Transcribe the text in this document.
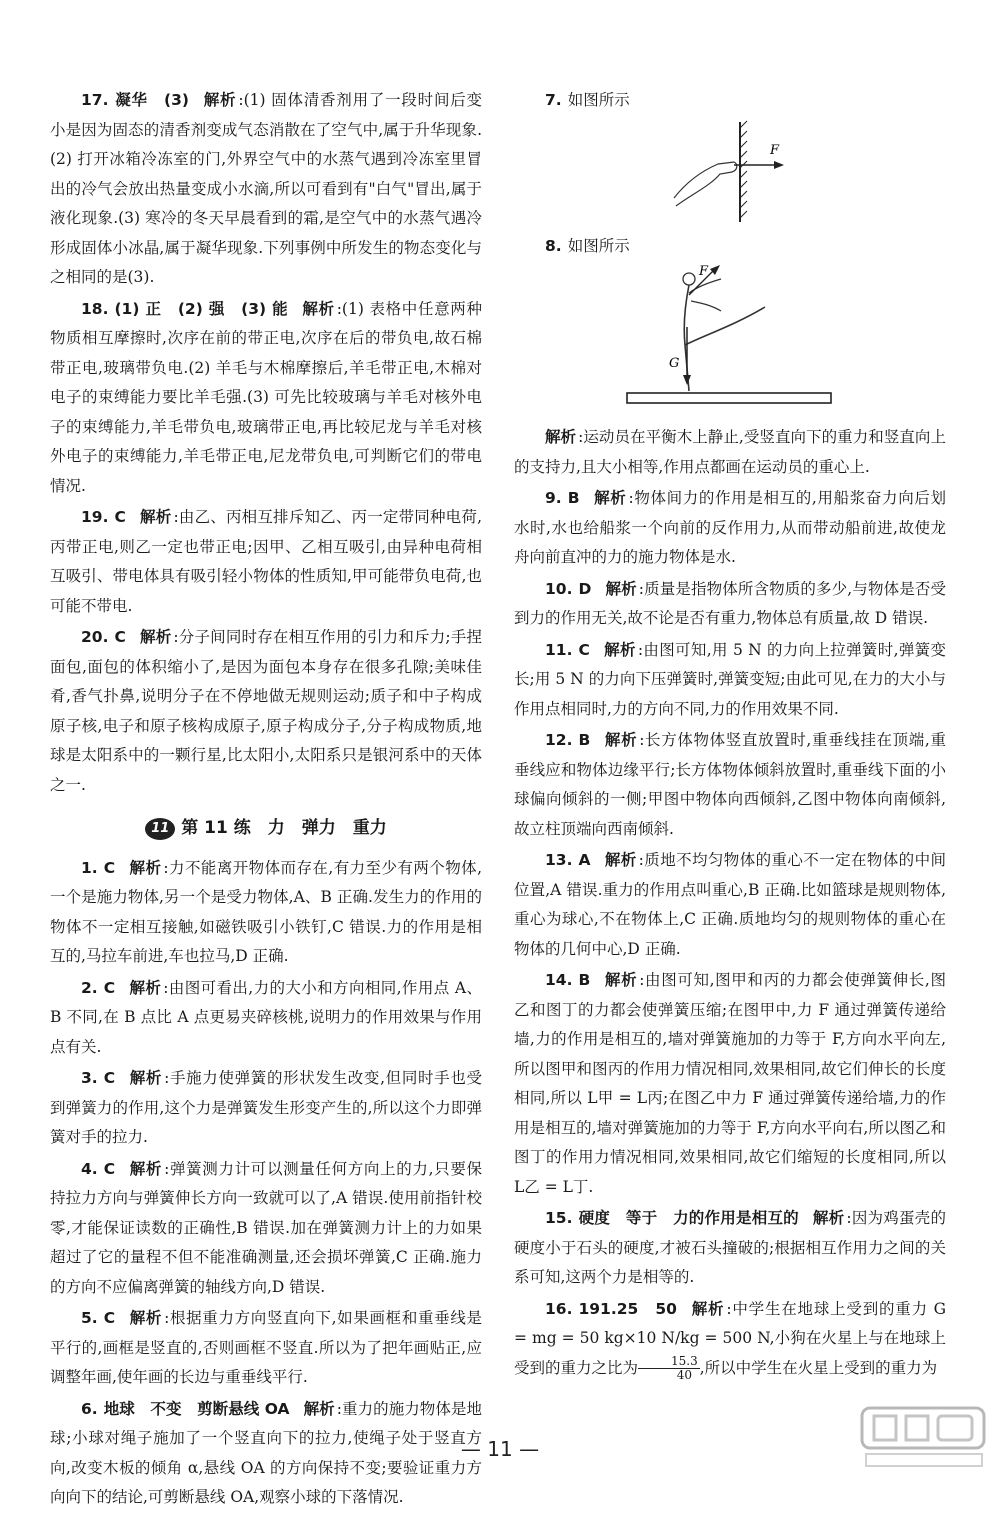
17. 凝华　(3) 解析 :(1) 固体清香剂用了一段时间后变小是因为固态的清香剂变成气态消散在了空气中,属于升华现象.(2) 打开冰箱冷冻室的门,外界空气中的水蒸气遇到冷冻室里冒出的冷气会放出热量变成小水滴,所以可看到有"白气"冒出,属于液化现象.(3) 寒冷的冬天早晨看到的霜,是空气中的水蒸气遇冷形成固体小冰晶,属于凝华现象.下列事例中所发生的物态变化与之相同的是(3).

18. (1) 正　(2) 强　(3) 能 解析 :(1) 表格中任意两种物质相互摩擦时,次序在前的带正电,次序在后的带负电,故石棉带正电,玻璃带负电.(2) 羊毛与木棉摩擦后,羊毛带正电,木棉对电子的束缚能力要比羊毛强.(3) 可先比较玻璃与羊毛对核外电子的束缚能力,羊毛带负电,玻璃带正电,再比较尼龙与羊毛对核外电子的束缚能力,羊毛带正电,尼龙带负电,可判断它们的带电情况.

19. C 解析 :由乙、丙相互排斥知乙、丙一定带同种电荷,丙带正电,则乙一定也带正电;因甲、乙相互吸引,由异种电荷相互吸引、带电体具有吸引轻小物体的性质知,甲可能带负电荷,也可能不带电.

20. C 解析 :分子间同时存在相互作用的引力和斥力;手捏面包,面包的体积缩小了,是因为面包本身存在很多孔隙;美味佳肴,香气扑鼻,说明分子在不停地做无规则运动;质子和中子构成原子核,电子和原子核构成原子,原子构成分子,分子构成物质,地球是太阳系中的一颗行星,比太阳小,太阳系只是银河系中的天体之一.

11 第 11 练　力　弹力　重力

1. C 解析 :力不能离开物体而存在,有力至少有两个物体,一个是施力物体,另一个是受力物体,A、B 正确.发生力的作用的物体不一定相互接触,如磁铁吸引小铁钉,C 错误.力的作用是相互的,马拉车前进,车也拉马,D 正确.

2. C 解析 :由图可看出,力的大小和方向相同,作用点 A、B 不同,在 B 点比 A 点更易夹碎核桃,说明力的作用效果与作用点有关.

3. C 解析 :手施力使弹簧的形状发生改变,但同时手也受到弹簧力的作用,这个力是弹簧发生形变产生的,所以这个力即弹簧对手的拉力.

4. C 解析 :弹簧测力计可以测量任何方向上的力,只要保持拉力方向与弹簧伸长方向一致就可以了,A 错误.使用前指针校零,才能保证读数的正确性,B 错误.加在弹簧测力计上的力如果超过了它的量程不但不能准确测量,还会损坏弹簧,C 正确.施力的方向不应偏离弹簧的轴线方向,D 错误.

5. C 解析 :根据重力方向竖直向下,如果画框和重垂线是平行的,画框是竖直的,否则画框不竖直.所以为了把年画贴正,应调整年画,使年画的长边与重垂线平行.

6. 地球　不变　剪断悬线 OA 解析 :重力的施力物体是地球;小球对绳子施加了一个竖直向下的拉力,使绳子处于竖直方向,改变木板的倾角 α,悬线 OA 的方向保持不变;要验证重力方向向下的结论,可剪断悬线 OA,观察小球的下落情况.

7. 如图所示

F

8. 如图所示

G
F

解析 :运动员在平衡木上静止,受竖直向下的重力和竖直向上的支持力,且大小相等,作用点都画在运动员的重心上.

9. B 解析 :物体间力的作用是相互的,用船浆奋力向后划水时,水也给船浆一个向前的反作用力,从而带动船前进,故使龙舟向前直冲的力的施力物体是水.

10. D 解析 :质量是指物体所含物质的多少,与物体是否受到力的作用无关,故不论是否有重力,物体总有质量,故 D 错误.

11. C 解析 :由图可知,用 5 N 的力向上拉弹簧时,弹簧变长;用 5 N 的力向下压弹簧时,弹簧变短;由此可见,在力的大小与作用点相同时,力的方向不同,力的作用效果不同.

12. B 解析 :长方体物体竖直放置时,重垂线挂在顶端,重垂线应和物体边缘平行;长方体物体倾斜放置时,重垂线下面的小球偏向倾斜的一侧;甲图中物体向西倾斜,乙图中物体向南倾斜,故立柱顶端向西南倾斜.

13. A 解析 :质地不均匀物体的重心不一定在物体的中间位置,A 错误.重力的作用点叫重心,B 正确.比如篮球是规则物体,重心为球心,不在物体上,C 正确.质地均匀的规则物体的重心在物体的几何中心,D 正确.

14. B 解析 :由图可知,图甲和丙的力都会使弹簧伸长,图乙和图丁的力都会使弹簧压缩;在图甲中,力 F 通过弹簧传递给墙,力的作用是相互的,墙对弹簧施加的力等于 F,方向水平向左,所以图甲和图丙的作用力情况相同,效果相同,故它们伸长的长度相同,所以 L甲 = L丙;在图乙中力 F 通过弹簧传递给墙,力的作用是相互的,墙对弹簧施加的力等于 F,方向水平向右,所以图乙和图丁的作用力情况相同,效果相同,故它们缩短的长度相同,所以 L乙 = L丁.

15. 硬度　等于　力的作用是相互的 解析 :因为鸡蛋壳的硬度小于石头的硬度,才被石头撞破的;根据相互作用力之间的关系可知,这两个力是相等的.

16. 191.25　50 解析 :中学生在地球上受到的重力 G = mg = 50 kg×10 N/kg = 500 N,小狗在火星上与在地球上受到的重力之比为 $\frac{15.3}{40}$ ,所以中学生在火星上受到的重力为

— 11 —
